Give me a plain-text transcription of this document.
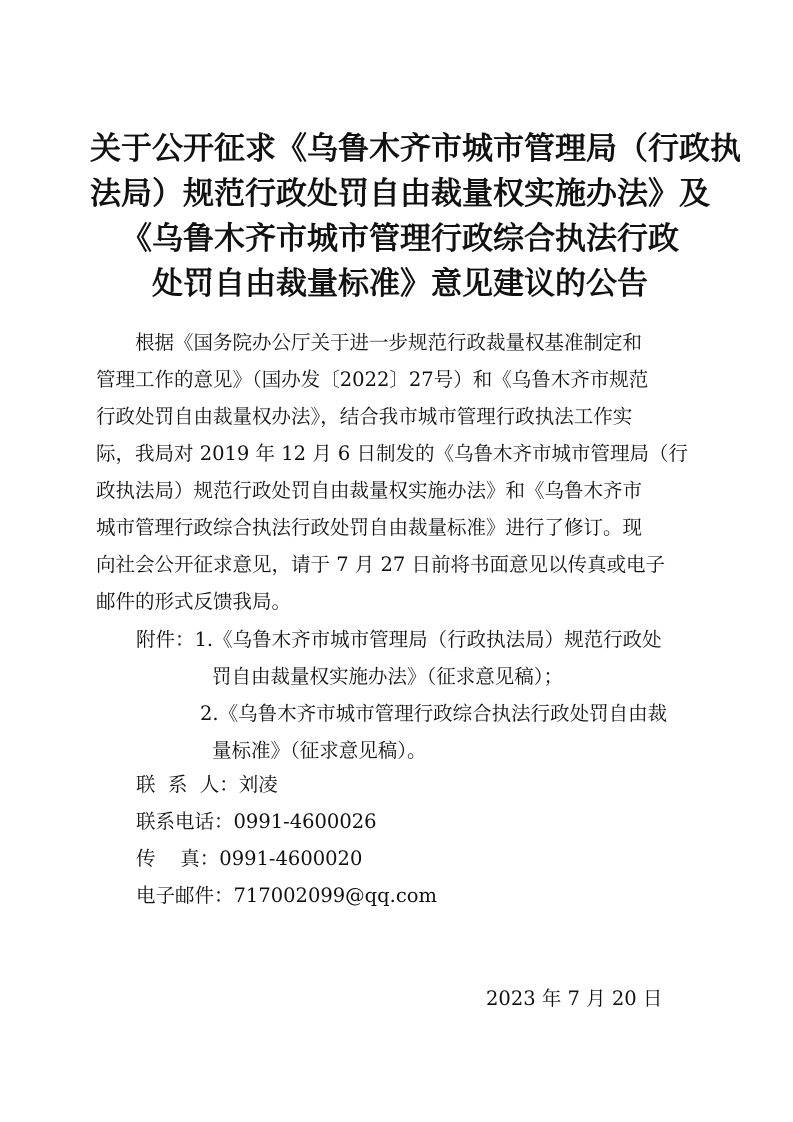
关于公开征求《乌鲁木齐市城市管理局（行政执
法局）规范行政处罚自由裁量权实施办法》及
《乌鲁木齐市城市管理行政综合执法行政
处罚自由裁量标准》意见建议的公告

根据《国务院办公厅关于进一步规范行政裁量权基准制定和

管理工作的意见》（国办发〔2022〕27号）和《乌鲁木齐市规范

行政处罚自由裁量权办法》，结合我市城市管理行政执法工作实

际，我局对 2019 年 12 月 6 日制发的《乌鲁木齐市城市管理局（行

政执法局）规范行政处罚自由裁量权实施办法》和《乌鲁木齐市

城市管理行政综合执法行政处罚自由裁量标准》进行了修订。现

向社会公开征求意见，请于 7 月 27 日前将书面意见以传真或电子

邮件的形式反馈我局。

附件： 1.《乌鲁木齐市城市管理局（行政执法局）规范行政处
罚自由裁量权实施办法》（征求意见稿）；
2.《乌鲁木齐市城市管理行政综合执法行政处罚自由裁
量标准》（征求意见稿）。
联  系  人：刘凌
联系电话：0991-4600026
传    真：0991-4600020
电子邮件：717002099@qq.com
2023 年 7 月 20 日
